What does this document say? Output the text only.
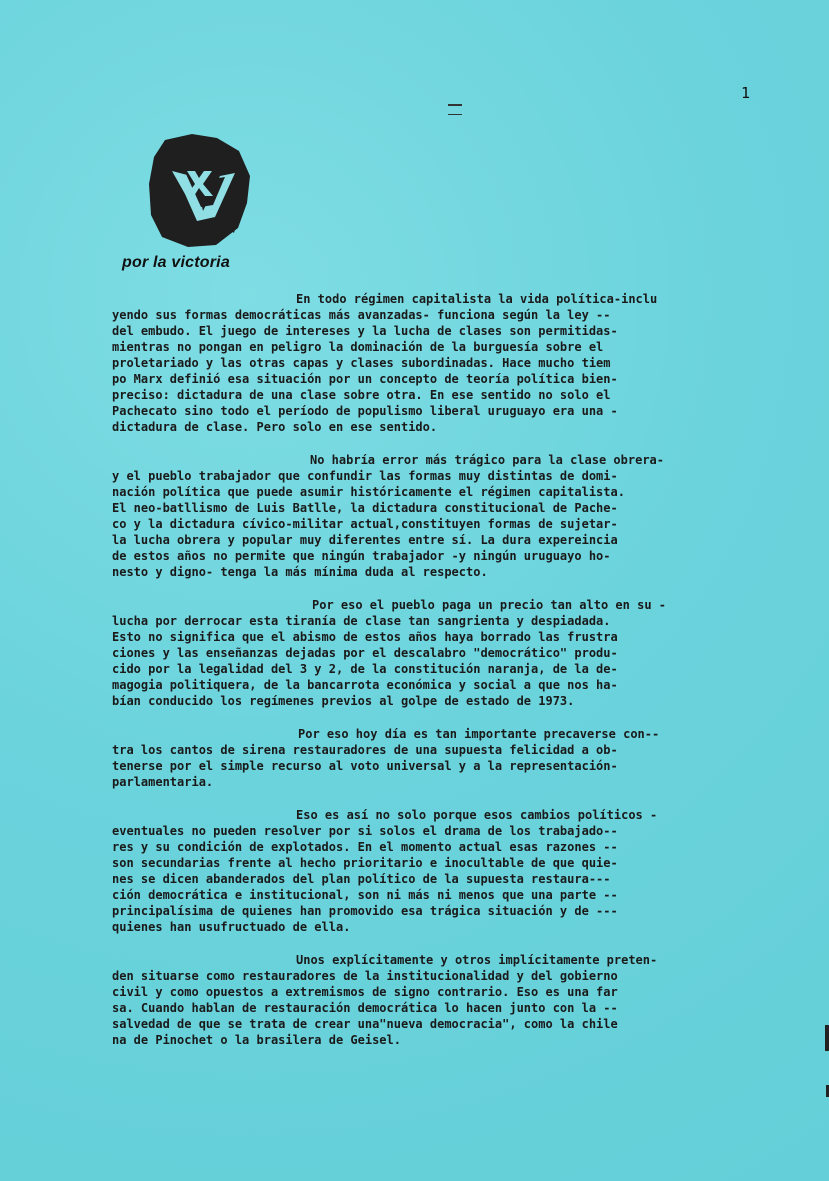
1
por la victoria
En todo régimen capitalista la vida política-inclu
yendo sus formas democráticas más avanzadas- funciona según la ley --
del embudo. El juego de intereses y la lucha de clases son permitidas-
mientras no pongan en peligro la dominación de la burguesía sobre el
proletariado y las otras capas y clases subordinadas. Hace mucho tiem
po Marx definió esa situación por un concepto de teoría política bien-
preciso: dictadura de una clase sobre otra. En ese sentido no solo el
Pachecato sino todo el período de populismo liberal uruguayo era una -
dictadura de clase. Pero solo en ese sentido.
No habría error más trágico para la clase obrera-
y el pueblo trabajador que confundir las formas muy distintas de domi-
nación política que puede asumir históricamente el régimen capitalista.
El neo-batllismo de Luis Batlle, la dictadura constitucional de Pache-
co y la dictadura cívico-militar actual,constituyen formas de sujetar-
la lucha obrera y popular muy diferentes entre sí. La dura expereincia
de estos años no permite que ningún trabajador -y ningún uruguayo ho-
nesto y digno- tenga la más mínima duda al respecto.
Por eso el pueblo paga un precio tan alto en su -
lucha por derrocar esta tiranía de clase tan sangrienta y despiadada.
Esto no significa que el abismo de estos años haya borrado las frustra
ciones y las enseñanzas dejadas por el descalabro "democrático" produ-
cido por la legalidad del 3 y 2, de la constitución naranja, de la de-
magogia politiquera, de la bancarrota económica y social a que nos ha-
bían conducido los regímenes previos al golpe de estado de 1973.
Por eso hoy día es tan importante precaverse con--
tra los cantos de sirena restauradores de una supuesta felicidad a ob-
tenerse por el simple recurso al voto universal y a la representación-
parlamentaria.
Eso es así no solo porque esos cambios políticos -
eventuales no pueden resolver por si solos el drama de los trabajado--
res y su condición de explotados. En el momento actual esas razones --
son secundarias frente al hecho prioritario e inocultable de que quie-
nes se dicen abanderados del plan político de la supuesta restaura---
ción democrática e institucional, son ni más ni menos que una parte --
principalísima de quienes han promovido esa trágica situación y de ---
quienes han usufructuado de ella.
Unos explícitamente y otros implícitamente preten-
den situarse como restauradores de la institucionalidad y del gobierno
civil y como opuestos a extremismos de signo contrario. Eso es una far
sa. Cuando hablan de restauración democrática lo hacen junto con la --
salvedad de que se trata de crear una"nueva democracia", como la chile
na de Pinochet o la brasilera de Geisel.
